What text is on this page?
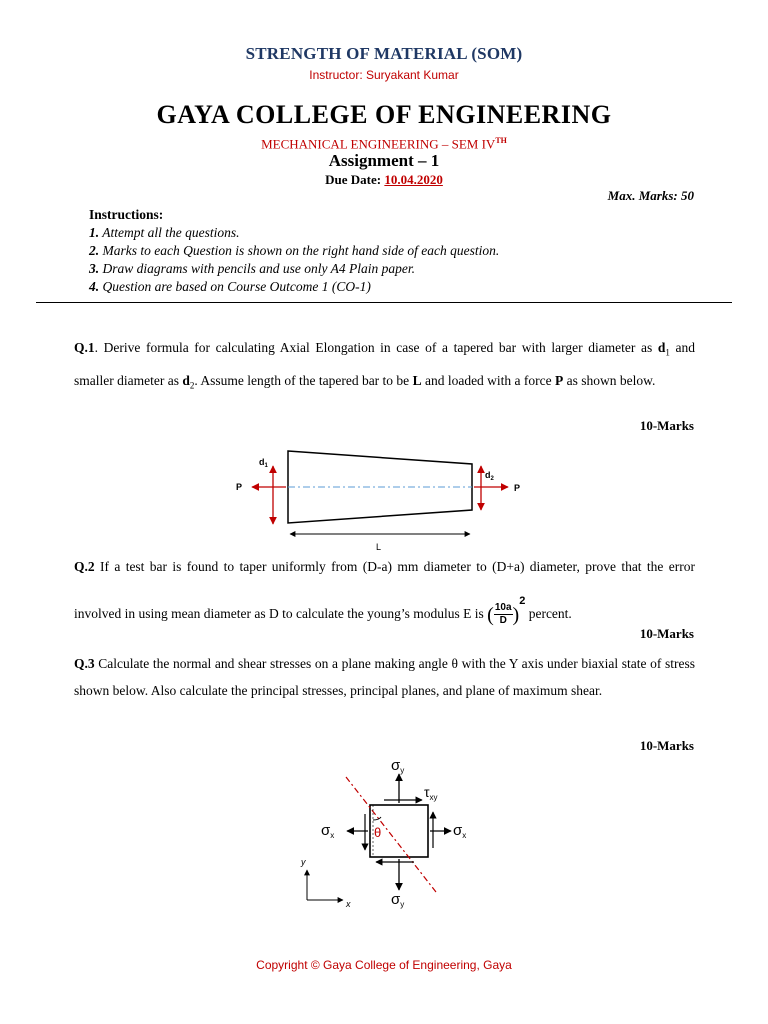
STRENGTH OF MATERIAL (SOM)
Instructor: Suryakant Kumar
GAYA COLLEGE OF ENGINEERING
MECHANICAL ENGINEERING – SEM IVTH
Assignment – 1
Due Date: 10.04.2020
Max. Marks: 50
Instructions:
1. Attempt all the questions.
2. Marks to each Question is shown on the right hand side of each question.
3. Draw diagrams with pencils and use only A4 Plain paper.
4. Question are based on Course Outcome 1 (CO-1)
Q.1. Derive formula for calculating Axial Elongation in case of a tapered bar with larger diameter as $d_1$ and smaller diameter as $d_2$. Assume length of the tapered bar to be L and loaded with a force P as shown below.
10-Marks
$d_1$
$d_2$
P	P
L
Q.2 If a test bar is found to taper uniformly from (D-a) mm diameter to (D+a) diameter, prove that the error involved in using mean diameter as D to calculate the young’s modulus E is ( $\frac{10a}{D} )^2$ percent.
10-Marks
Q.3 Calculate the normal and shear stresses on a plane making angle θ with the Y axis under biaxial state of stress shown below. Also calculate the principal stresses, principal planes, and plane of maximum shear.
10-Marks
$\sigma_y$
$\sigma_y$
$\sigma_x$	$\sigma_x$
$\tau_{xy}$
θ
y
x
Copyright © Gaya College of Engineering, Gaya
